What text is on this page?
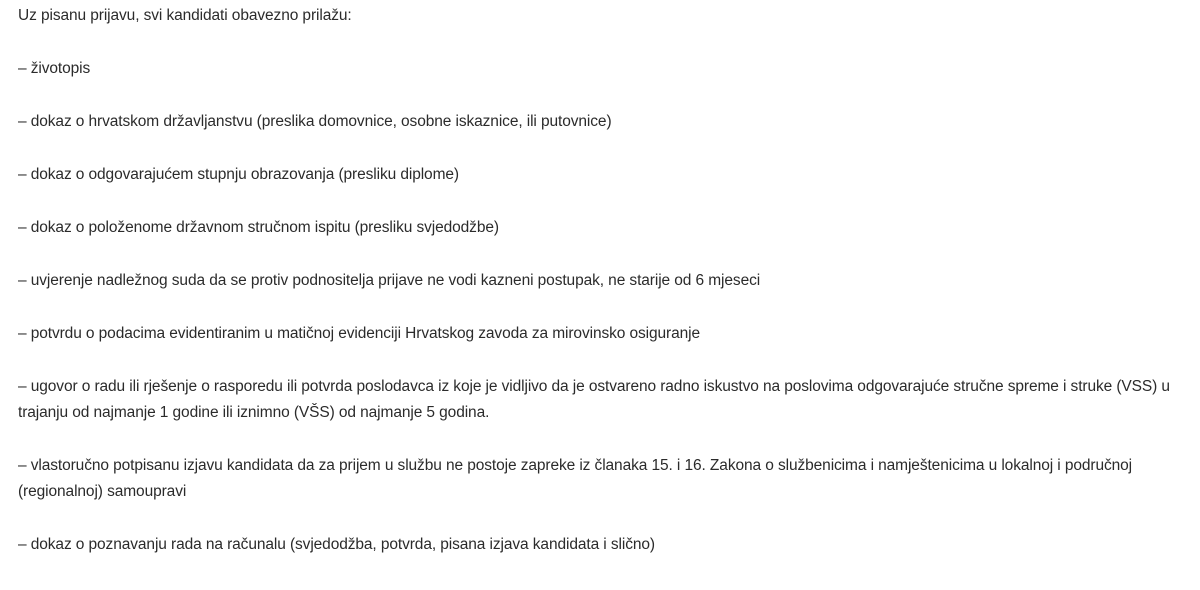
Uz pisanu prijavu, svi kandidati obavezno prilažu:

– životopis

– dokaz o hrvatskom državljanstvu (preslika domovnice, osobne iskaznice, ili putovnice)

– dokaz o odgovarajućem stupnju obrazovanja (presliku diplome)

– dokaz o položenome državnom stručnom ispitu (presliku svjedodžbe)

– uvjerenje nadležnog suda da se protiv podnositelja prijave ne vodi kazneni postupak, ne starije od 6 mjeseci

– potvrdu o podacima evidentiranim u matičnoj evidenciji Hrvatskog zavoda za mirovinsko osiguranje

– ugovor o radu ili rješenje o rasporedu ili potvrda poslodavca iz koje je vidljivo da je ostvareno radno iskustvo na poslovima odgovarajuće stručne spreme i struke (VSS) u trajanju od najmanje 1 godine ili iznimno (VŠS) od najmanje 5 godina.

– vlastoručno potpisanu izjavu kandidata da za prijem u službu ne postoje zapreke iz članaka 15. i 16. Zakona o službenicima i namještenicima u lokalnoj i područnoj (regionalnoj) samoupravi

– dokaz o poznavanju rada na računalu (svjedodžba, potvrda, pisana izjava kandidata i slično)
